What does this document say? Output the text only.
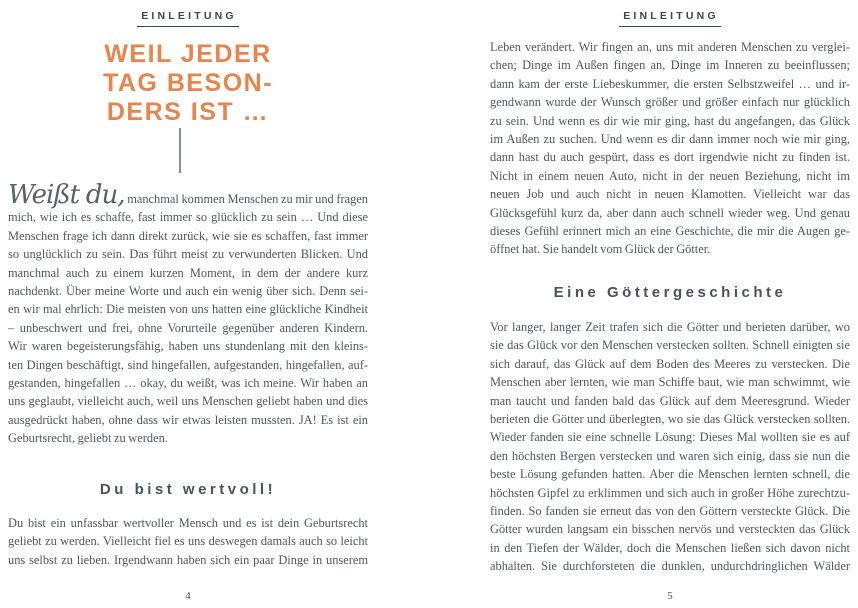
EINLEITUNG
WEIL JEDER
TAG BESON-
DERS IST …
Weißt du, manchmal kommen Menschen zu mir und fragen
mich, wie ich es schaffe, fast immer so glücklich zu sein … Und diese
Menschen frage ich dann direkt zurück, wie sie es schaffen, fast immer
so unglücklich zu sein. Das führt meist zu verwunderten Blicken. Und
manchmal auch zu einem kurzen Moment, in dem der andere kurz
nachdenkt. Über meine Worte und auch ein wenig über sich. Denn sei-
en wir mal ehrlich: Die meisten von uns hatten eine glückliche Kindheit
– unbeschwert und frei, ohne Vorurteile gegenüber anderen Kindern.
Wir waren begeisterungsfähig, haben uns stundenlang mit den kleins-
ten Dingen beschäftigt, sind hingefallen, aufgestanden, hingefallen, auf-
gestanden, hingefallen … okay, du weißt, was ich meine. Wir haben an
uns geglaubt, vielleicht auch, weil uns Menschen geliebt haben und dies
ausgedrückt haben, ohne dass wir etwas leisten mussten. JA! Es ist ein
Geburtsrecht, geliebt zu werden.
Du bist wertvoll!
Du bist ein unfassbar wertvoller Mensch und es ist dein Geburtsrecht
geliebt zu werden. Vielleicht fiel es uns deswegen damals auch so leicht
uns selbst zu lieben. Irgendwann haben sich ein paar Dinge in unserem
4
EINLEITUNG
Leben verändert. Wir fingen an, uns mit anderen Menschen zu verglei-
chen; Dinge im Außen fingen an, Dinge im Inneren zu beeinflussen;
dann kam der erste Liebeskummer, die ersten Selbstzweifel … und ir-
gendwann wurde der Wunsch größer und größer einfach nur glücklich
zu sein. Und wenn es dir wie mir ging, hast du angefangen, das Glück
im Außen zu suchen. Und wenn es dir dann immer noch wie mir ging,
dann hast du auch gespürt, dass es dort irgendwie nicht zu finden ist.
Nicht in einem neuen Auto, nicht in der neuen Beziehung, nicht im
neuen Job und auch nicht in neuen Klamotten. Vielleicht war das
Glücksgefühl kurz da, aber dann auch schnell wieder weg. Und genau
dieses Gefühl erinnert mich an eine Geschichte, die mir die Augen ge-
öffnet hat. Sie handelt vom Glück der Götter.
Eine Göttergeschichte
Vor langer, langer Zeit trafen sich die Götter und berieten darüber, wo
sie das Glück vor den Menschen verstecken sollten. Schnell einigten sie
sich darauf, das Glück auf dem Boden des Meeres zu verstecken. Die
Menschen aber lernten, wie man Schiffe baut, wie man schwimmt, wie
man taucht und fanden bald das Glück auf dem Meeresgrund. Wieder
berieten die Götter und überlegten, wo sie das Glück verstecken sollten.
Wieder fanden sie eine schnelle Lösung: Dieses Mal wollten sie es auf
den höchsten Bergen verstecken und waren sich einig, dass sie nun die
beste Lösung gefunden hatten. Aber die Menschen lernten schnell, die
höchsten Gipfel zu erklimmen und sich auch in großer Höhe zurechtzu-
finden. So fanden sie erneut das von den Göttern versteckte Glück. Die
Götter wurden langsam ein bisschen nervös und versteckten das Glück
in den Tiefen der Wälder, doch die Menschen ließen sich davon nicht
abhalten. Sie durchforsteten die dunklen, undurchdringlichen Wälder
5
